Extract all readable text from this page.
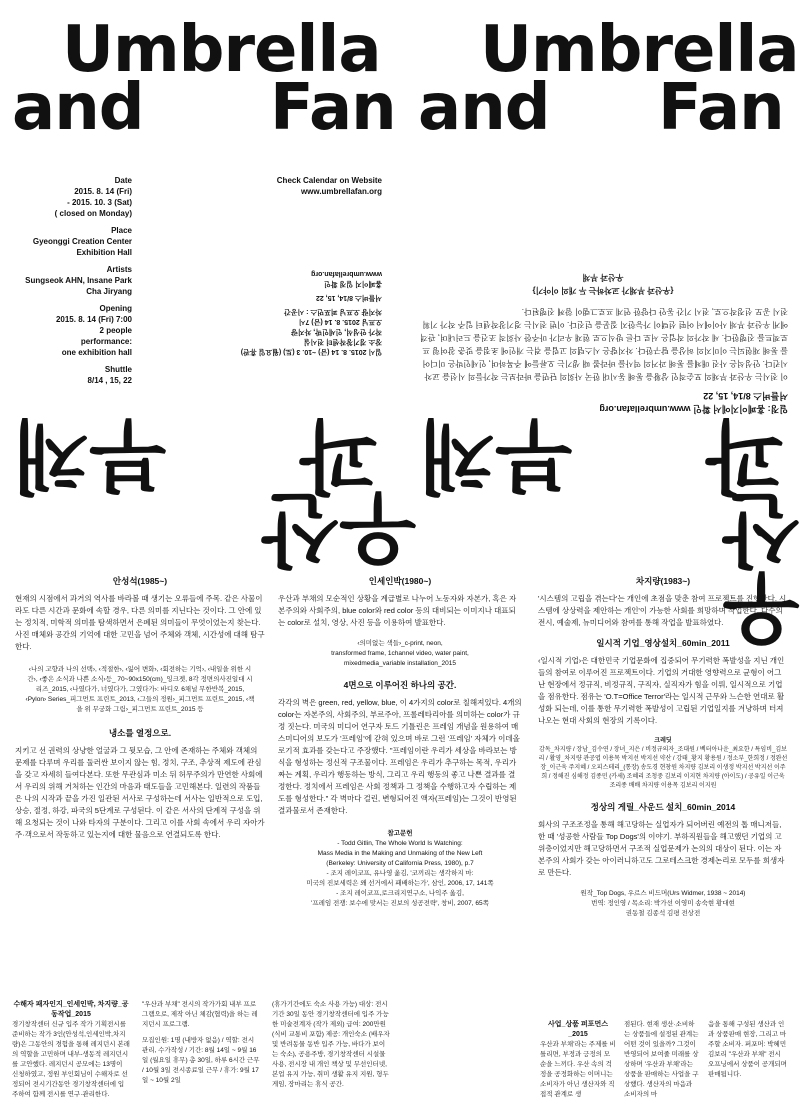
Umbrella
and Fan
Umbrella
and Fan
Date
2015. 8. 14 (Fri)
- 2015. 10. 3 (Sat)
( closed on Monday)
Place
Gyeonggi Creation Center
Exhibition Hall
Artists
Sungseok AHN, Insane Park
Cha Jiryang
Opening
2015. 8. 14 (Fri) 7:00
2 people
performance:
one exhibition hall
Shuttle
8/14 , 15, 22
Check Calendar on Website
www.umbrellafan.org
일시 2015. 8. 14 (금) ~10. 3 (토) (월요일 휴관)
장소 경기창작센터 전시실
작가 안성석, 인세인박, 차지량
오프닝 2015. 8. 14 (금) 7시
차지량 오프닝 퍼포먼스 : 시공간
셔틀버스 8/14, 15, 22
홈페이지 일정 확인
www.umbrellafan.org
일정: 홈페이지에서 확인 www.umbrellafan.org
셔틀버스 8/14, 15, 22
이 전시는 우산과 부채의 모순적인 상황을 통해 동시대 한국 사회의 단면을 바라보는 작가들의 시선을 교차시킨다. 안성석은 사진 매체를 통해 과거의 역사를 바라볼 때 생기는 오류들에 주목하며, 인세인박은 미디어를 통해 재현되는 이미지의 허상을 탐구한다. 차지량은 시스템의 고립을 겪는 개인에 초점을 맞춘 참여형 프로젝트를 진행한다. 세 작가의 작업은 서로 다른 방식으로 현재 우리가 마주한 사회적 조건을 드러내며, 관객에게 우산과 부채 사이에서 어떤 선택이 가능한지 질문을 던진다. 이번 전시는 경기창작센터 입주 작가 기획전시 공모 선정작으로, 전시 기간 동안 다양한 연계 프로그램이 함께 진행된다.
{우산과 부채가 교차하는 두 개의 이야기}
우산과 부채
부채 과
우산
부채 과
우산
안성석(1985~)

현재의 시점에서 과거의 역사를 바라볼 때 생기는 오류들에 주목. 같은 사물이라도 다른 시간과 문화에 속할 경우, 다른 의미를 지닌다는 것이다. 그 안에 있는 정치적, 미학적 의미를 탐색하면서 은폐된 의미들이 무엇이었는지 찾는다. 사진 매체와 공간의 기억에 대한 고민을 넘어 주체와 객체, 시간성에 대해 탐구한다.

‹나의 고향과 나의 선택›, ‹적절한›, ‹잃어 변화›, ‹회전하는 기억›, ‹내일을 위한 시간›, ‹좋은 소식과 나쁜 소식›등_ 70~90x150(cm)_잉크젯, 8각 정면의사진일대 시리즈_2015, ‹나였다가, 너였다가, 그였다가›: 바디오 6채널 무한반복_2015, ‹Pylon› Series_피그먼트 프린트_2013, ‹그들의 정원›_피그먼트 프린트_2015, ‹책을 위 무궁화 그림›_피그먼트 프린트_2015 등
냉소를 열정으로.

지키고 선 권력의 상냥한 얼굴과 그 뒷모습, 그 안에 존재하는 주체와 객체의 문제를 다루며 우리를 둘러싼 보이지 않는 힘, 정치, 구조, 추상적 제도에 관심을 갖고 자세히 들여다본다. 또한 무관심과 미소 뒤 허무주의가 만연한 사회에서 우리의 위해 거처하는 인간의 마음과 태도들을 고민해본다. 일련의 작품들은 나의 시작과 끝을 가진 일관된 서사로 구성하는데 서사는 일반적으로 도입, 상승, 절정, 하강, 파국의 5단계로 구성된다. 이 같은 서사의 단계적 구성을 위해 요청되는 것이 나와 타자의 구분이다. 그리고 이를 사회 속에서 우리 자아가 주·객으로서 작동하고 있는지에 대한 물음으로 연결되도록 한다.

인세인박(1980~)

우산과 부채의 모순적인 상황을 계급별로 나누어 노동자와 자본가, 혹은 자본주의와 사회주의, blue color와 red color 등의 대비되는 이미지나 대표되는 color로 설치, 영상, 사진 등을 이용하여 발표한다.

‹의미없는 색들›_c-print, neon,
transformed frame, 1channel video, water paint,
mixedmedia_variable installation_2015
4면으로 이루어진 하나의 공간.

각각의 벽은 green, red, yellow, blue, 이 4가지의 color로 칠해져있다. 4개의 color는 자본주의, 사회주의, 부르주아, 프롤레타리아를 의미하는 color가 규정 짓는다. 미국의 미디어 연구자 토드 기틀린은 프레임 개념을 원용하여 매스미디어의 보도가 '프레임'에 갇혀 있으며 바로 그런 '프레임' 자체가 이데올로기적 효과를 갖는다고 주장했다. "프레임이란 우리가 세상을 바라보는 방식을 형성하는 정신적 구조물이다. 프레임은 우리가 추구하는 목적, 우리가 짜는 계획, 우리가 행동하는 방식, 그리고 우리 행동의 좋고 나쁜 결과를 결정한다. 정치에서 프레임은 사회 정책과 그 정책을 수행하고자 수립하는 제도를 형성한다." 각 벽마다 걸린, 변형되어진 액자(프레임)는 그것이 반영된 결과물로서 존재한다.

참고문헌
- Todd Gitlin, The Whole World Is Watching:
Mass Media in the Making and Unmaking of the New Left
(Berkeley: University of California Press, 1980), p.7
- 조지 레이코프, 유나영 옮김, '코끼리는 생각하지 마:
미국의 진보세력은 왜 선거에서 패배하는가', 삼인, 2006, 17, 141쪽
- 조지 레이코프,로크리지연구소, 나익주 옮김,
'프레임 전쟁: 보수에 맞서는 진보의 성공전략', 창비, 2007, 65쪽
차지량(1983~)

'시스템의 고립을 겪는다'는 개인에 초점을 맞춘 참여 프로젝트를 진행한다. 시스템에 상상력을 제안하는 개인'이 가능한 사회를 희망하며 작업한다. 다수의 전시, 예술제, 뉴미디어와 참여를 통해 작업을 발표하였다.

일시적 기업_영상설치_60min_2011

‹일시적 기업›은 대한민국 기업문화에 집중되어 무기력한 폭발성을 지닌 개인들의 참여로 이루어진 프로젝트이다. 기업의 거대한 영향력으로 균형이 어그난 현장에서 정규직, 비정규직, 구직자, 실직자가 힘을 이뤄, 일시적으로 기업을 점유한다. 점유는 'O.T=Office Terror'라는 일시적 근무와 느슨한 연대로 활성화 되는데, 이를 통한 무기력한 폭발성이 고립된 기업일지를 겨냥하며 터져 나오는 현대 사회의 현장의 기록이다.

크레딧
감독_차지량 / 장남_김수연 / 장녀_지은 / 비정규의자_조대원 / 벡터아나운_최요한 / 특임비_김보리 / 활영_차지량 관공엽 이용목 박지선 박지선 약산 / 강태_황지 황용원 / 정소부_한희정 / 정완선장_이근욱 주지혜 / 오피스테리_(통장) 송도경 현창원 차지량 김보리 이생정 박지선 박지선 이주희 / 정해진 심해정 김종민 (카세) 조혜리 조청중 김보리 이지현 차지량 (아이도) / 공유일 이근욱 조리종 배배 차지량 이용목 김보리 이지원
정상의 게릴_사운드 설치_60min_2014

회사의 구조조정을 통해 해고당하는 실업자가 되어버린 예전의 톱 매니저들, 한 때 '성공한 사람들 Top Dogs'의 이야기. 부하직원들을 해고했던 기업의 고위층이었지만 해고당하면서 구조적 실업문제가 논의의 대상이 된다. 이는 자본주의 사회가 갖는 아이러니하고도 그로테스크한 경제논리로 모두를 희생자로 만든다.

원작_Top Dogs, 우르스 비드머(Urs Widmer, 1938 ~ 2014)
번역: 정인영 / 목소리: 박가선 이영미 송숙현 황대현
권동철 김종석 김평 전상전

수해자 패자인지_인세인박, 차지량_공동작업_2015

경기창작센터 신규 입주 작가 기획전시를 준비하는 작가 3인(안성석,인세인박,차지량)은 그동안의 경험을 통해 레지던시 본래의 역할을 고민하며 내부-생동적 레지던시를 고안했다. 레지던시 공모에는 13명이 신청하였고, 정원 부인회님이 수해자로 선정되어 전시기간동안 경기창작센터에 입주하여 함께 전시를 연구·관리한다.

"우산과 부채" 전시의 작가가회 내부 프로그램으로, 제작 아닌 체감(협력)을 하는 레지던시 프로그램.

모집인원: 1명 (내방자 없음) / 역할: 전시관리, 수가작성 / 기간: 8월 14일 ~ 9월 16일 (월요일 휴무) 총 30일, 하루 6시간 근무 / 10월 3일 전시종료일 근무 / 휴가: 9월 17일 ~ 10월 2일

(휴가기간에도 숙소 사용 가능) 대상: 전시기간 30일 동안 경기창작센터에 입주 가능한 미술전계자 (작가 제외) 급여: 200만원 (식비 교통비 포함) 제공: 개인숙소 (배우자 및 반려동물 동반 입주 가능, 바다가 보이는 숙소), 공용주방, 경기창작센터 시설물 사용, 전시장 내 개인 책상 및 무선인터넷, 본업 유지 가능, 취미 생활 유지 지원, 형두게임, 장마리는 휴식 공간.

사업_상품 퍼포먼스_2015

우산과 부채'라는 주제를 비틀리면, 부정과 긍정의 모순을 느끼다. 우산 속의 걱정을 공정화하는 이머니는 소비자가 아닌 생산자와 직접적 관계로 생

점된다. 현재 생산·소비하는 상품들에 설정된 관계는 어떤 것이 있을까? 그것이 반영되어 보여줄 미래를 상상하며 '우산과 부채'라는 상품을 판매하는 사업을 구상했다. 생산자의 마음과 소비자의 마

음을 통해 구성된 생산과 인과 상품판매 현장, 그리고 마주할 소비자. 퍼포머: 박혜민 김보리 "우산과 부채" 전시 오프닝에서 상품이 공개되며 판매됩니다.
